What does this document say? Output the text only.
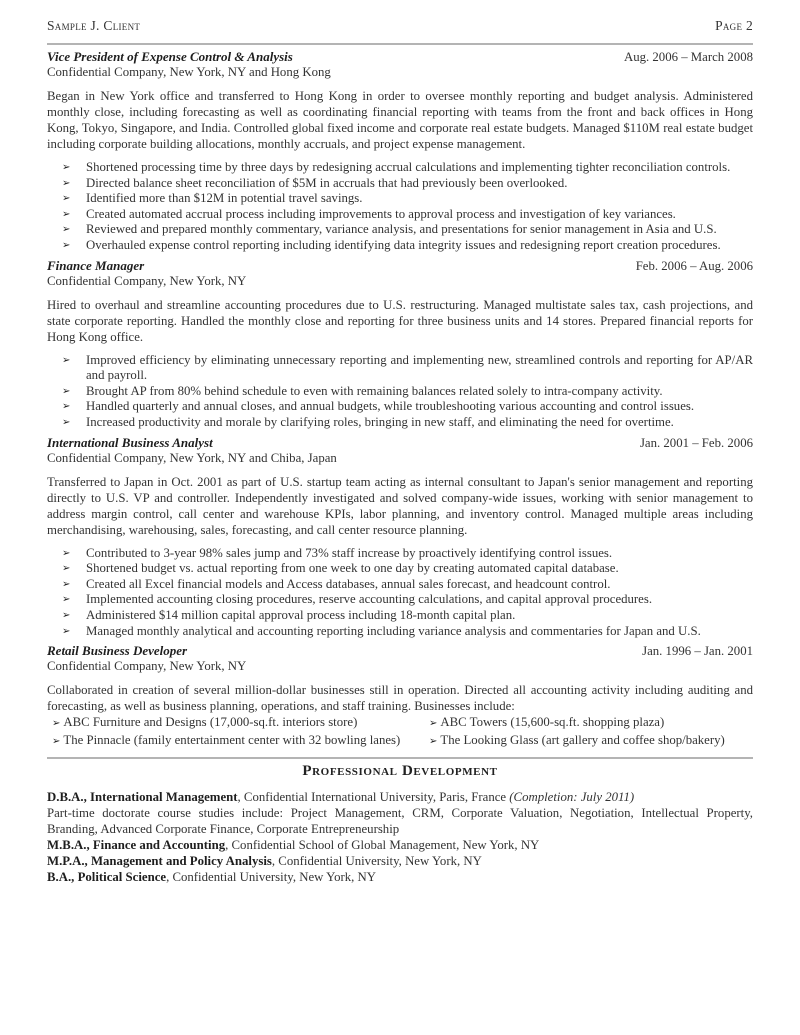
Sample J. Client	Page 2
Vice President of Expense Control & Analysis	Aug. 2006 – March 2008
Confidential Company, New York, NY and Hong Kong
Began in New York office and transferred to Hong Kong in order to oversee monthly reporting and budget analysis. Administered monthly close, including forecasting as well as coordinating financial reporting with teams from the front and back offices in Hong Kong, Tokyo, Singapore, and India. Controlled global fixed income and corporate real estate budgets. Managed $110M real estate budget including corporate building allocations, monthly accruals, and project expense management.
➢	Shortened processing time by three days by redesigning accrual calculations and implementing tighter reconciliation controls.
➢	Directed balance sheet reconciliation of $5M in accruals that had previously been overlooked.
➢	Identified more than $12M in potential travel savings.
➢	Created automated accrual process including improvements to approval process and investigation of key variances.
➢	Reviewed and prepared monthly commentary, variance analysis, and presentations for senior management in Asia and U.S.
➢	Overhauled expense control reporting including identifying data integrity issues and redesigning report creation procedures.
Finance Manager	Feb. 2006 – Aug. 2006
Confidential Company, New York, NY
Hired to overhaul and streamline accounting procedures due to U.S. restructuring. Managed multistate sales tax, cash projections, and state corporate reporting. Handled the monthly close and reporting for three business units and 14 stores. Prepared financial reports for Hong Kong office.
➢	Improved efficiency by eliminating unnecessary reporting and implementing new, streamlined controls and reporting for AP/AR and payroll.
➢	Brought AP from 80% behind schedule to even with remaining balances related solely to intra-company activity.
➢	Handled quarterly and annual closes, and annual budgets, while troubleshooting various accounting and control issues.
➢	Increased productivity and morale by clarifying roles, bringing in new staff, and eliminating the need for overtime.
International Business Analyst	Jan. 2001 – Feb. 2006
Confidential Company, New York, NY and Chiba, Japan
Transferred to Japan in Oct. 2001 as part of U.S. startup team acting as internal consultant to Japan's senior management and reporting directly to U.S. VP and controller. Independently investigated and solved company-wide issues, working with senior management to address margin control, call center and warehouse KPIs, labor planning, and inventory control. Managed multiple areas including merchandising, warehousing, sales, forecasting, and call center resource planning.
➢	Contributed to 3-year 98% sales jump and 73% staff increase by proactively identifying control issues.
➢	Shortened budget vs. actual reporting from one week to one day by creating automated capital database.
➢	Created all Excel financial models and Access databases, annual sales forecast, and headcount control.
➢	Implemented accounting closing procedures, reserve accounting calculations, and capital approval procedures.
➢	Administered $14 million capital approval process including 18-month capital plan.
➢	Managed monthly analytical and accounting reporting including variance analysis and commentaries for Japan and U.S.
Retail Business Developer	Jan. 1996 – Jan. 2001
Confidential Company, New York, NY
Collaborated in creation of several million-dollar businesses still in operation. Directed all accounting activity including auditing and forecasting, as well as business planning, operations, and staff training. Businesses include:
➢ ABC Furniture and Designs (17,000-sq.ft. interiors store)	➢ ABC Towers (15,600-sq.ft. shopping plaza)
➢ The Pinnacle (family entertainment center with 32 bowling lanes)	➢ The Looking Glass (art gallery and coffee shop/bakery)
Professional Development
D.B.A., International Management, Confidential International University, Paris, France (Completion: July 2011)
Part-time doctorate course studies include: Project Management, CRM, Corporate Valuation, Negotiation, Intellectual Property, Branding, Advanced Corporate Finance, Corporate Entrepreneurship
M.B.A., Finance and Accounting, Confidential School of Global Management, New York, NY
M.P.A., Management and Policy Analysis, Confidential University, New York, NY
B.A., Political Science, Confidential University, New York, NY
